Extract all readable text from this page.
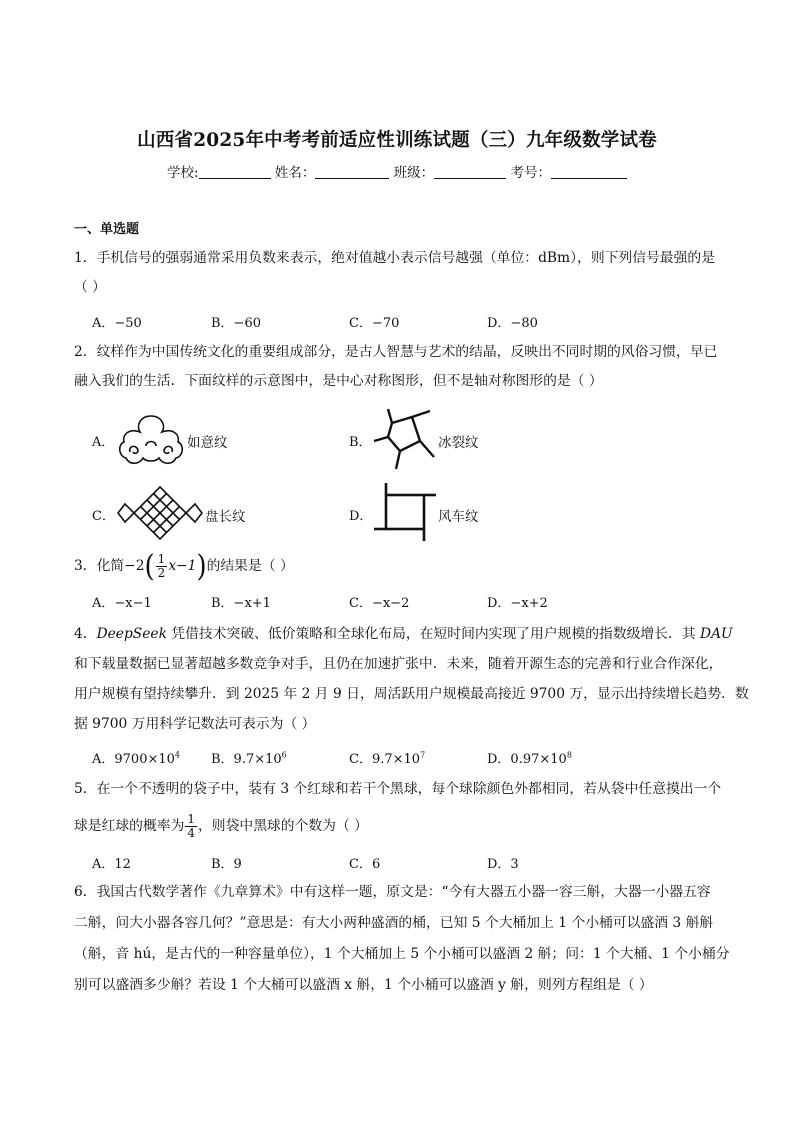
山西省2025年中考考前适应性训练试题（三）九年级数学试卷
学校:	姓名：	班级：	考号：
一、单选题
1．手机信号的强弱通常采用负数来表示，绝对值越小表示信号越强（单位：dBm），则下列信号最强的是
（ ）
A．−50	B．−60	C．−70	D．−80
2．纹样作为中国传统文化的重要组成部分，是古人智慧与艺术的结晶，反映出不同时期的风俗习惯，早已
融入我们的生活．下面纹样的示意图中，是中心对称图形，但不是轴对称图形的是（ ）
A．	如意纹	B．	冰裂纹
C．	盘长纹	D．	风车纹
3．化简$-2( \frac{1}{2} x-1)$的结果是（ ）
A．−x−1	B．−x+1	C．−x−2	D．−x+2
4．DeepSeek 凭借技术突破、低价策略和全球化布局，在短时间内实现了用户规模的指数级增长．其 DAU
和下载量数据已显著超越多数竞争对手，且仍在加速扩张中．未来，随着开源生态的完善和行业合作深化，
用户规模有望持续攀升．到 2025 年 2 月 9 日，周活跃用户规模最高接近 9700 万，显示出持续增长趋势．数
据 9700 万用科学记数法可表示为（ ）
A．$9700\times 10^4$ B．$9.7\times 10^6$	C．$9.7\times 10^7$	D．$0.97\times 10^8$
5．在一个不透明的袋子中，装有 3 个红球和若干个黑球，每个球除颜色外都相同，若从袋中任意摸出一个
球是红球的概率为 $\frac{1}{4}$ ，则袋中黑球的个数为（ ）
A．12	B．9	C．6	D．3
6．我国古代数学著作《九章算术》中有这样一题，原文是：“今有大器五小器一容三斛，大器一小器五容
二斛，问大小器各容几何？”意思是：有大小两种盛酒的桶，已知 5 个大桶加上 1 个小桶可以盛酒 3 斛斛
（斛，音 hú，是古代的一种容量单位），1 个大桶加上 5 个小桶可以盛酒 2 斛；问：1 个大桶、1 个小桶分
别可以盛酒多少斛？若设 1 个大桶可以盛酒 x 斛，1 个小桶可以盛酒 y 斛，则列方程组是（ ）
